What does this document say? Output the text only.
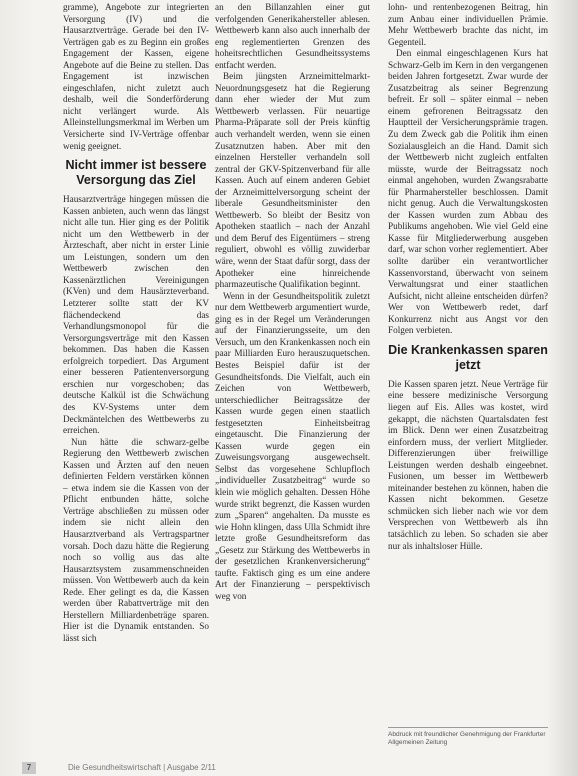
gramme), Angebote zur integrierten Versorgung (IV) und die Hausarztverträge. Gerade bei den IV-Verträgen gab es zu Beginn ein großes Engagement der Kassen, eigene Angebote auf die Beine zu stellen. Das Engagement ist inzwischen eingeschlafen, nicht zuletzt auch deshalb, weil die Sonderförderung nicht verlängert wurde. Als Alleinstellungsmerkmal im Werben um Versicherte sind IV-Verträge offenbar wenig geeignet.

Nicht immer ist bessere Versorgung das Ziel

Hausarztverträge hingegen müssen die Kassen anbieten, auch wenn das längst nicht alle tun. Hier ging es der Politik nicht um den Wettbewerb in der Ärzteschaft, aber nicht in erster Linie um Leistungen, sondern um den Wettbewerb zwischen den Kassenärztlichen Vereinigungen (KVen) und dem Hausärzteverband. Letzterer sollte statt der KV flächendeckend das Verhandlungsmonopol für die Versorgungsverträge mit den Kassen bekommen. Das haben die Kassen erfolgreich torpediert. Das Argument einer besseren Patientenversorgung erschien nur vorgeschoben; das deutsche Kalkül ist die Schwächung des KV-Systems unter dem Deckmäntelchen des Wettbewerbs zu erreichen.

Nun hätte die schwarz-gelbe Regierung den Wettbewerb zwischen Kassen und Ärzten auf den neuen definierten Feldern verstärken können – etwa indem sie die Kassen von der Pflicht entbunden hätte, solche Verträge abschließen zu müssen oder indem sie nicht allein den Hausarztverband als Vertragspartner vorsah. Doch dazu hätte die Regierung noch so vollig aus das alte Hausarztsystem zusammenschneiden müssen. Von Wettbewerb auch da kein Rede. Eher gelingt es da, die Kassen werden über Rabattverträge mit den Herstellern Milliardenbeträge sparen. Hier ist die Dynamik entstanden. So lässt sich

an den Billanzahlen einer gut verfolgenden Generikahersteller ablesen. Wettbewerb kann also auch innerhalb der eng reglementierten Grenzen des hoheitsrechtlichen Gesundheitssystems entfacht werden.

Beim jüngsten Arzneimittelmarkt-Neuordnungsgesetz hat die Regierung dann eher wieder der Mut zum Wettbewerb verlassen. Für neuartige Pharma-Präparate soll der Preis künftig auch verhandelt werden, wenn sie einen Zusatznutzen haben. Aber mit den einzelnen Hersteller verhandeln soll zentral der GKV-Spitzenverband für alle Kassen. Auch auf einem anderen Gebiet der Arzneimittelversorgung scheint der liberale Gesundheitsminister den Wettbewerb. So bleibt der Besitz von Apotheken staatlich – nach der Anzahl und dem Beruf des Eigentümers – streng reguliert, obwohl es völlig zuwiderbar wäre, wenn der Staat dafür sorgt, dass der Apotheker eine hinreichende pharmazeutische Qualifikation beginnt.

Wenn in der Gesundheitspolitik zuletzt nur dem Wettbewerb argumentiert wurde, ging es in der Regel um Veränderungen auf der Finanzierungsseite, um den Versuch, um den Krankenkassen noch ein paar Milliarden Euro herauszuquetschen. Bestes Beispiel dafür ist der Gesundheitsfonds. Die Vielfalt, auch ein Zeichen von Wettbewerb, unterschiedlicher Beitragssätze der Kassen wurde gegen einen staatlich festgesetzten Einheitsbeitrag eingetauscht. Die Finanzierung der Kassen wurde gegen ein Zuweisungsvorgang ausgewechselt. Selbst das vorgesehene Schlupfloch „individueller Zusatzbeitrag“ wurde so klein wie möglich gehalten. Dessen Höhe wurde strikt begrenzt, die Kassen wurden zum „Sparen“ angehalten. Da musste es wie Hohn klingen, dass Ulla Schmidt ihre letzte große Gesundheitsreform das „Gesetz zur Stärkung des Wettbewerbs in der gesetzlichen Krankenversicherung“ taufte. Faktisch ging es um eine andere Art der Finanzierung – perspektivisch weg von

lohn- und rentenbezogenen Beitrag, hin zum Anbau einer individuellen Prämie. Mehr Wettbewerb brachte das nicht, im Gegenteil.

Den einmal eingeschlagenen Kurs hat Schwarz-Gelb im Kern in den vergangenen beiden Jahren fortgesetzt. Zwar wurde der Zusatzbeitrag als seiner Begrenzung befreit. Er soll – später einmal – neben einem gefrorenen Beitragssatz den Hauptteil der Versicherungsprämie tragen. Zu dem Zweck gab die Politik ihm einen Sozialausgleich an die Hand. Damit sich der Wettbewerb nicht zugleich entfalten müsste, wurde der Beitragssatz noch einmal angehoben, wurden Zwangsrabatte für Pharmahersteller beschlossen. Damit nicht genug. Auch die Verwaltungskosten der Kassen wurden zum Abbau des Publikums angehoben. Wie viel Geld eine Kasse für Mitgliederwerbung ausgeben darf, war schon vorher reglementiert. Aber sollte darüber ein verantwortlicher Kassenvorstand, überwacht von seinem Verwaltungsrat und einer staatlichen Aufsicht, nicht alleine entscheiden dürfen? Wer von Wettbewerb redet, darf Konkurrenz nicht aus Angst vor den Folgen verbieten.

Die Krankenkassen sparen jetzt

Die Kassen sparen jetzt. Neue Verträge für eine bessere medizinische Versorgung liegen auf Eis. Alles was kostet, wird gekappt, die nächsten Quartalsdaten fest im Blick. Denn wer einen Zusatzbeitrag einfordern muss, der verliert Mitglieder. Differenzierungen über freiwillige Leistungen werden deshalb eingeebnet. Fusionen, um besser im Wettbewerb miteinander bestehen zu können, haben die Kassen nicht bekommen. Gesetze schmücken sich lieber nach wie vor dem Versprechen von Wettbewerb als ihn tatsächlich zu leben. So schaden sie aber nur als inhaltsloser Hülle.

Abdruck mit freundlicher Genehmigung der Frankfurter Allgemeinen Zeitung
7	Die Gesundheitswirtschaft | Ausgabe 2/11
